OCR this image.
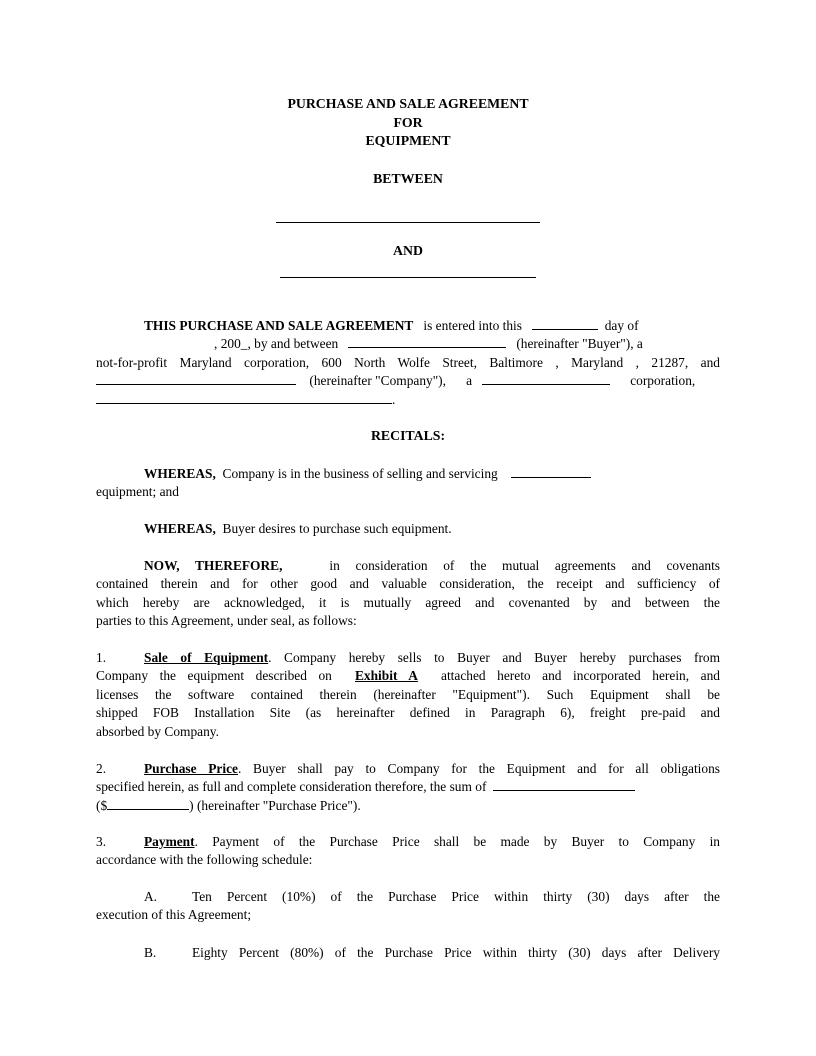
PURCHASE AND SALE AGREEMENT
FOR
EQUIPMENT
BETWEEN
AND
THIS PURCHASE AND SALE AGREEMENT is entered into this	day of
, 200_, by and between	(hereinafter "Buyer"), a
not-for-profit Maryland corporation, 600 North Wolfe Street, Baltimore , Maryland , 21287, and
(hereinafter "Company"), a	corporation,
.
RECITALS:
WHEREAS, Company is in the business of selling and servicing
equipment; and
WHEREAS, Buyer desires to purchase such equipment.
NOW, THEREFORE,	in consideration of the mutual agreements and covenants
contained therein and for other good and valuable consideration, the receipt and sufficiency of
which hereby are acknowledged, it is mutually agreed and covenanted by and between the
parties to this Agreement, under seal, as follows:
1.	Sale of Equipment. Company hereby sells to Buyer and Buyer hereby purchases from
Company the equipment described on Exhibit A attached hereto and incorporated herein, and
licenses the software contained therein (hereinafter "Equipment"). Such Equipment shall be
shipped FOB Installation Site (as hereinafter defined in Paragraph 6), freight pre-paid and
absorbed by Company.
2.	Purchase Price. Buyer shall pay to Company for the Equipment and for all obligations
specified herein, as full and complete consideration therefore, the sum of
($	) (hereinafter "Purchase Price").
3.	Payment. Payment of the Purchase Price shall be made by Buyer to Company in
accordance with the following schedule:
A.	Ten Percent (10%) of the Purchase Price within thirty (30) days after the
execution of this Agreement;
B.	Eighty Percent (80%) of the Purchase Price within thirty (30) days after Delivery
